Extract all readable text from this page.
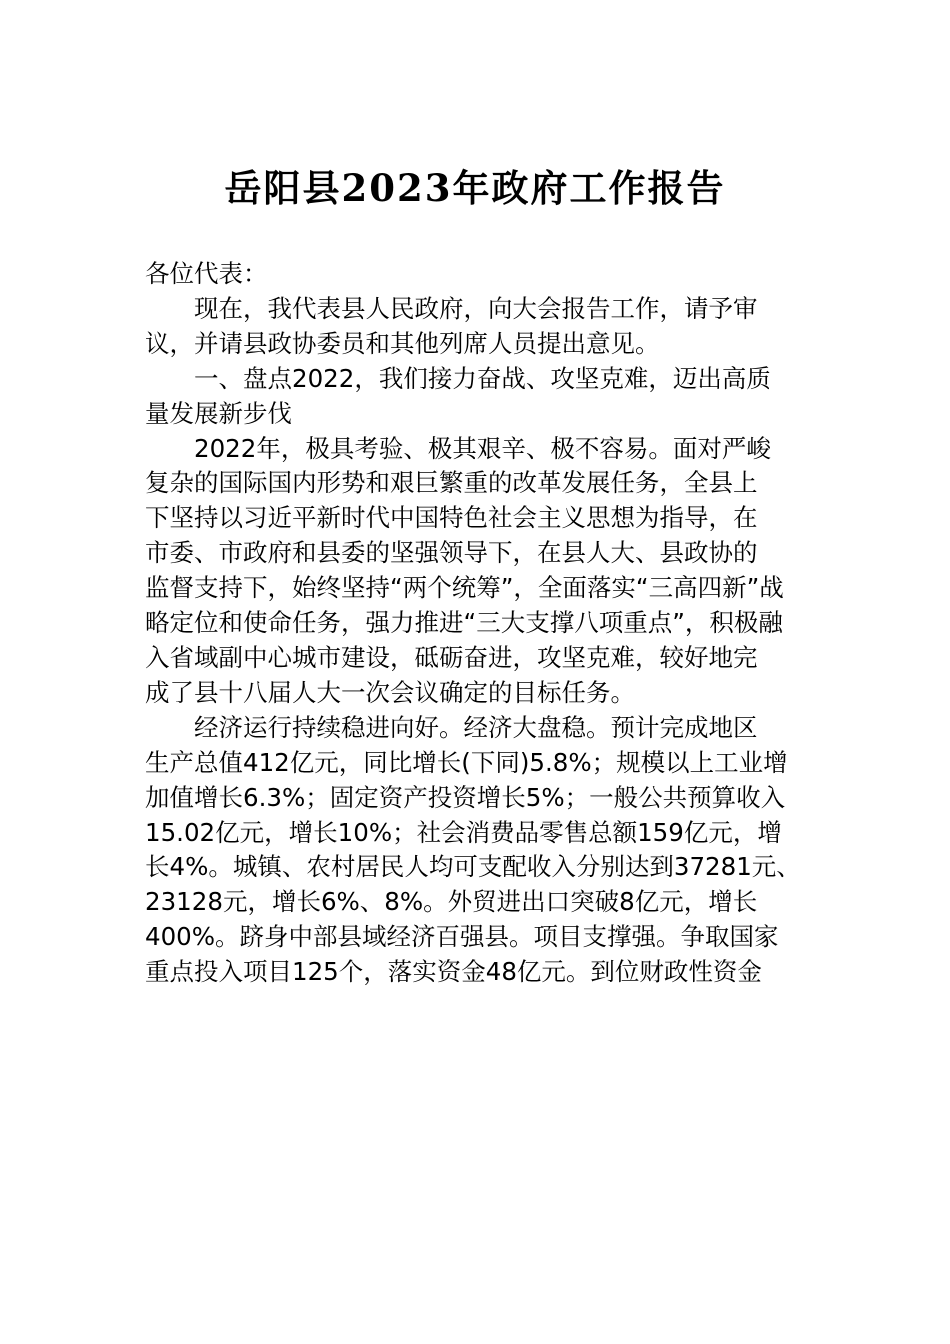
岳阳县2023年政府工作报告

各位代表：

现在，我代表县人民政府，向大会报告工作，请予审
议，并请县政协委员和其他列席人员提出意见。

一、盘点2022，我们接力奋战、攻坚克难，迈出高质
量发展新步伐

2022年，极具考验、极其艰辛、极不容易。面对严峻
复杂的国际国内形势和艰巨繁重的改革发展任务，全县上
下坚持以习近平新时代中国特色社会主义思想为指导，在
市委、市政府和县委的坚强领导下，在县人大、县政协的
监督支持下，始终坚持“两个统筹”，全面落实“三高四新”战
略定位和使命任务，强力推进“三大支撑八项重点”，积极融
入省域副中心城市建设，砥砺奋进，攻坚克难，较好地完
成了县十八届人大一次会议确定的目标任务。

经济运行持续稳进向好。经济大盘稳。预计完成地区
生产总值412亿元，同比增长(下同)5.8%；规模以上工业增
加值增长6.3%；固定资产投资增长5%；一般公共预算收入
15.02亿元，增长10%；社会消费品零售总额159亿元，增
长4%。城镇、农村居民人均可支配收入分别达到37281元、
23128元，增长6%、8%。外贸进出口突破8亿元，增长
400%。跻身中部县域经济百强县。项目支撑强。争取国家
重点投入项目125个，落实资金48亿元。到位财政性资金
